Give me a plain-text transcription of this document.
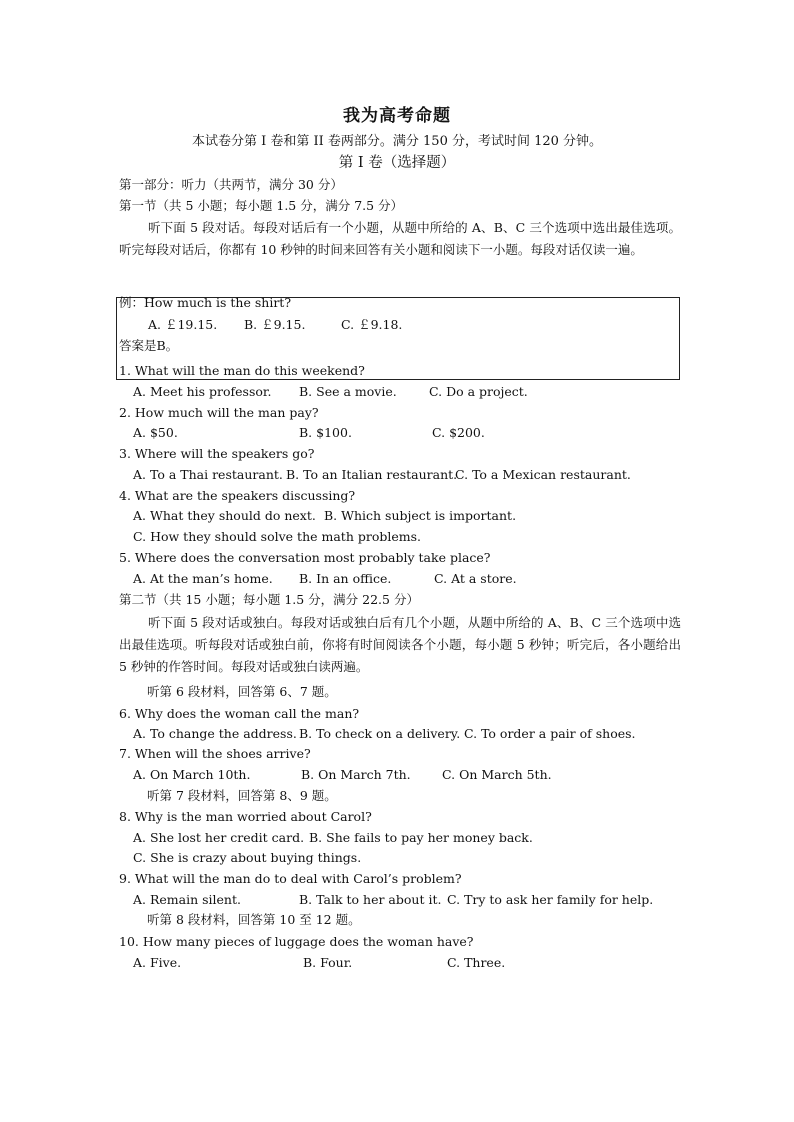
我为高考命题
本试卷分第 I 卷和第 II 卷两部分。满分 150 分，考试时间 120 分钟。
第 I 卷（选择题）
第一部分：听力（共两节，满分 30 分）
第一节（共 5 小题；每小题 1.5 分，满分 7.5 分）
听下面 5 段对话。每段对话后有一个小题，从题中所给的 A、B、C 三个选项中选出最佳选项。听完每段对话后，你都有 10 秒钟的时间来回答有关小题和阅读下一小题。每段对话仅读一遍。
例：How much is the shirt?
A. ￡19.15. B. ￡9.15.	C. ￡9.18.
答案是B。
1. What will the man do this weekend?
A. Meet his professor. B. See a movie.	C. Do a project.
2. How much will the man pay?
A. $50.	B. $100.	C. $200.
3. Where will the speakers go?
A. To a Thai restaurant. B. To an Italian restaurant.
C. To a Mexican restaurant.
4. What are the speakers discussing?
A. What they should do next. B. Which subject is important.
C. How they should solve the math problems.
5. Where does the conversation most probably take place?
A. At the man’s home. B. In an office.	C. At a store.
第二节（共 15 小题；每小题 1.5 分，满分 22.5 分）
听下面 5 段对话或独白。每段对话或独白后有几个小题，从题中所给的 A、B、C 三个选项中选出最佳选项。听每段对话或独白前，你将有时间阅读各个小题，每小题 5 秒钟；听完后，各小题给出 5 秒钟的作答时间。每段对话或独白读两遍。
听第 6 段材料，回答第 6、7 题。
6. Why does the woman call the man?
A. To change the address. B. To check on a delivery. C. To order a pair of shoes.
7. When will the shoes arrive?
A. On March 10th.	B. On March 7th.	C. On March 5th.
听第 7 段材料，回答第 8、9 题。
8. Why is the man worried about Carol?
A. She lost her credit card. B. She fails to pay her money back.
C. She is crazy about buying things.
9. What will the man do to deal with Carol’s problem?
A. Remain silent.	B. Talk to her about it. C. Try to ask her family for help.
听第 8 段材料，回答第 10 至 12 题。
10. How many pieces of luggage does the woman have?
A. Five.	B. Four.	C. Three.
